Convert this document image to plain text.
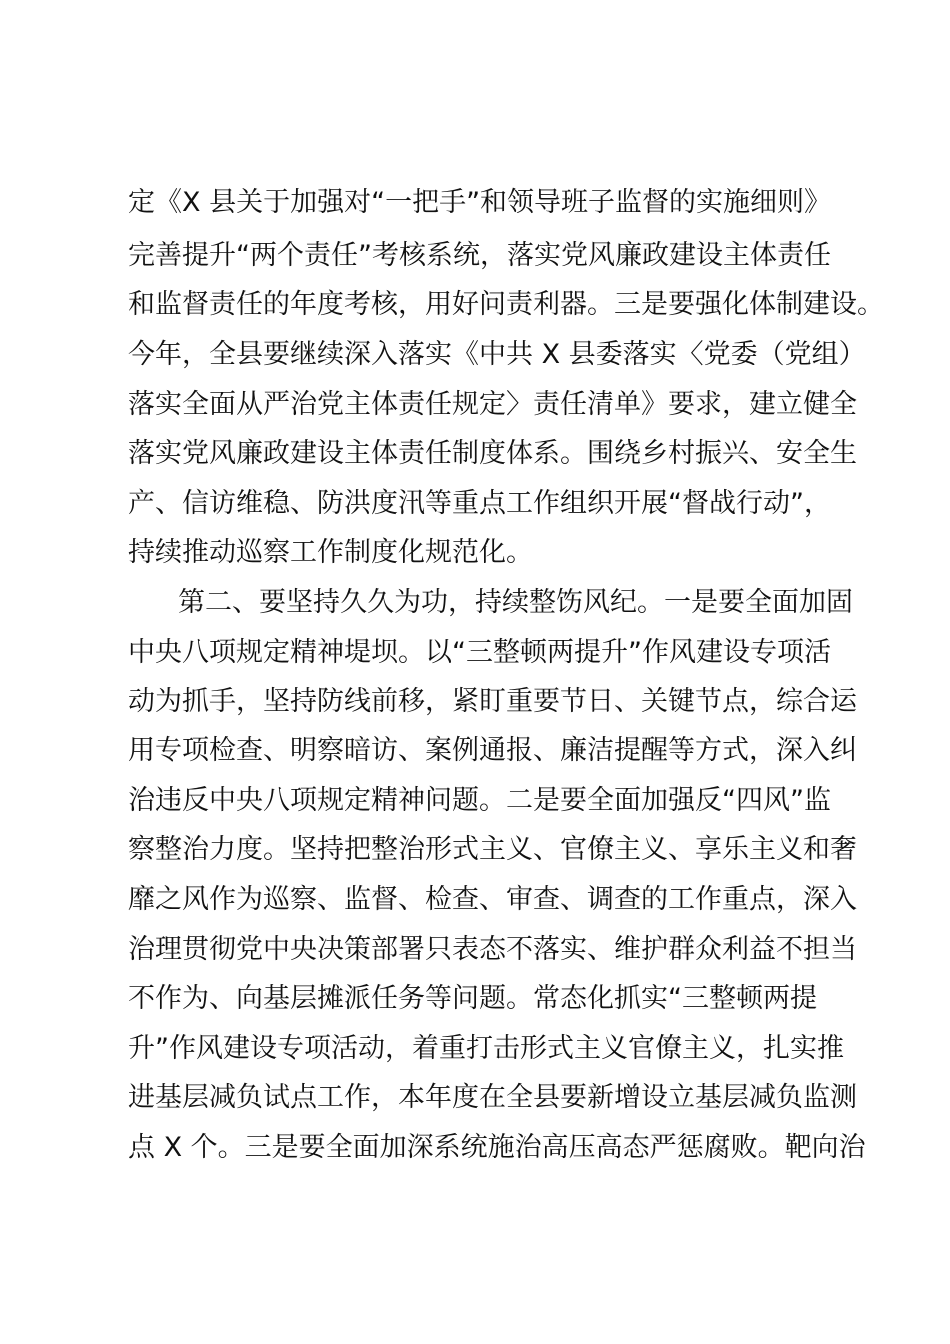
定《X 县关于加强对“一把手”和领导班子监督的实施细则》
完善提升“两个责任”考核系统，落实党风廉政建设主体责任
和监督责任的年度考核，用好问责利器。三是要强化体制建设。
今年，全县要继续深入落实《中共 X 县委落实〈党委（党组）
落实全面从严治党主体责任规定〉责任清单》要求，建立健全
落实党风廉政建设主体责任制度体系。围绕乡村振兴、安全生
产、信访维稳、防洪度汛等重点工作组织开展“督战行动”，
持续推动巡察工作制度化规范化。
第二、要坚持久久为功，持续整饬风纪。一是要全面加固
中央八项规定精神堤坝。以“三整顿两提升”作风建设专项活
动为抓手，坚持防线前移，紧盯重要节日、关键节点，综合运
用专项检查、明察暗访、案例通报、廉洁提醒等方式，深入纠
治违反中央八项规定精神问题。二是要全面加强反“四风”监
察整治力度。坚持把整治形式主义、官僚主义、享乐主义和奢
靡之风作为巡察、监督、检查、审查、调查的工作重点，深入
治理贯彻党中央决策部署只表态不落实、维护群众利益不担当
不作为、向基层摊派任务等问题。常态化抓实“三整顿两提
升”作风建设专项活动，着重打击形式主义官僚主义，扎实推
进基层减负试点工作，本年度在全县要新增设立基层减负监测
点 X 个。三是要全面加深系统施治高压高态严惩腐败。靶向治
